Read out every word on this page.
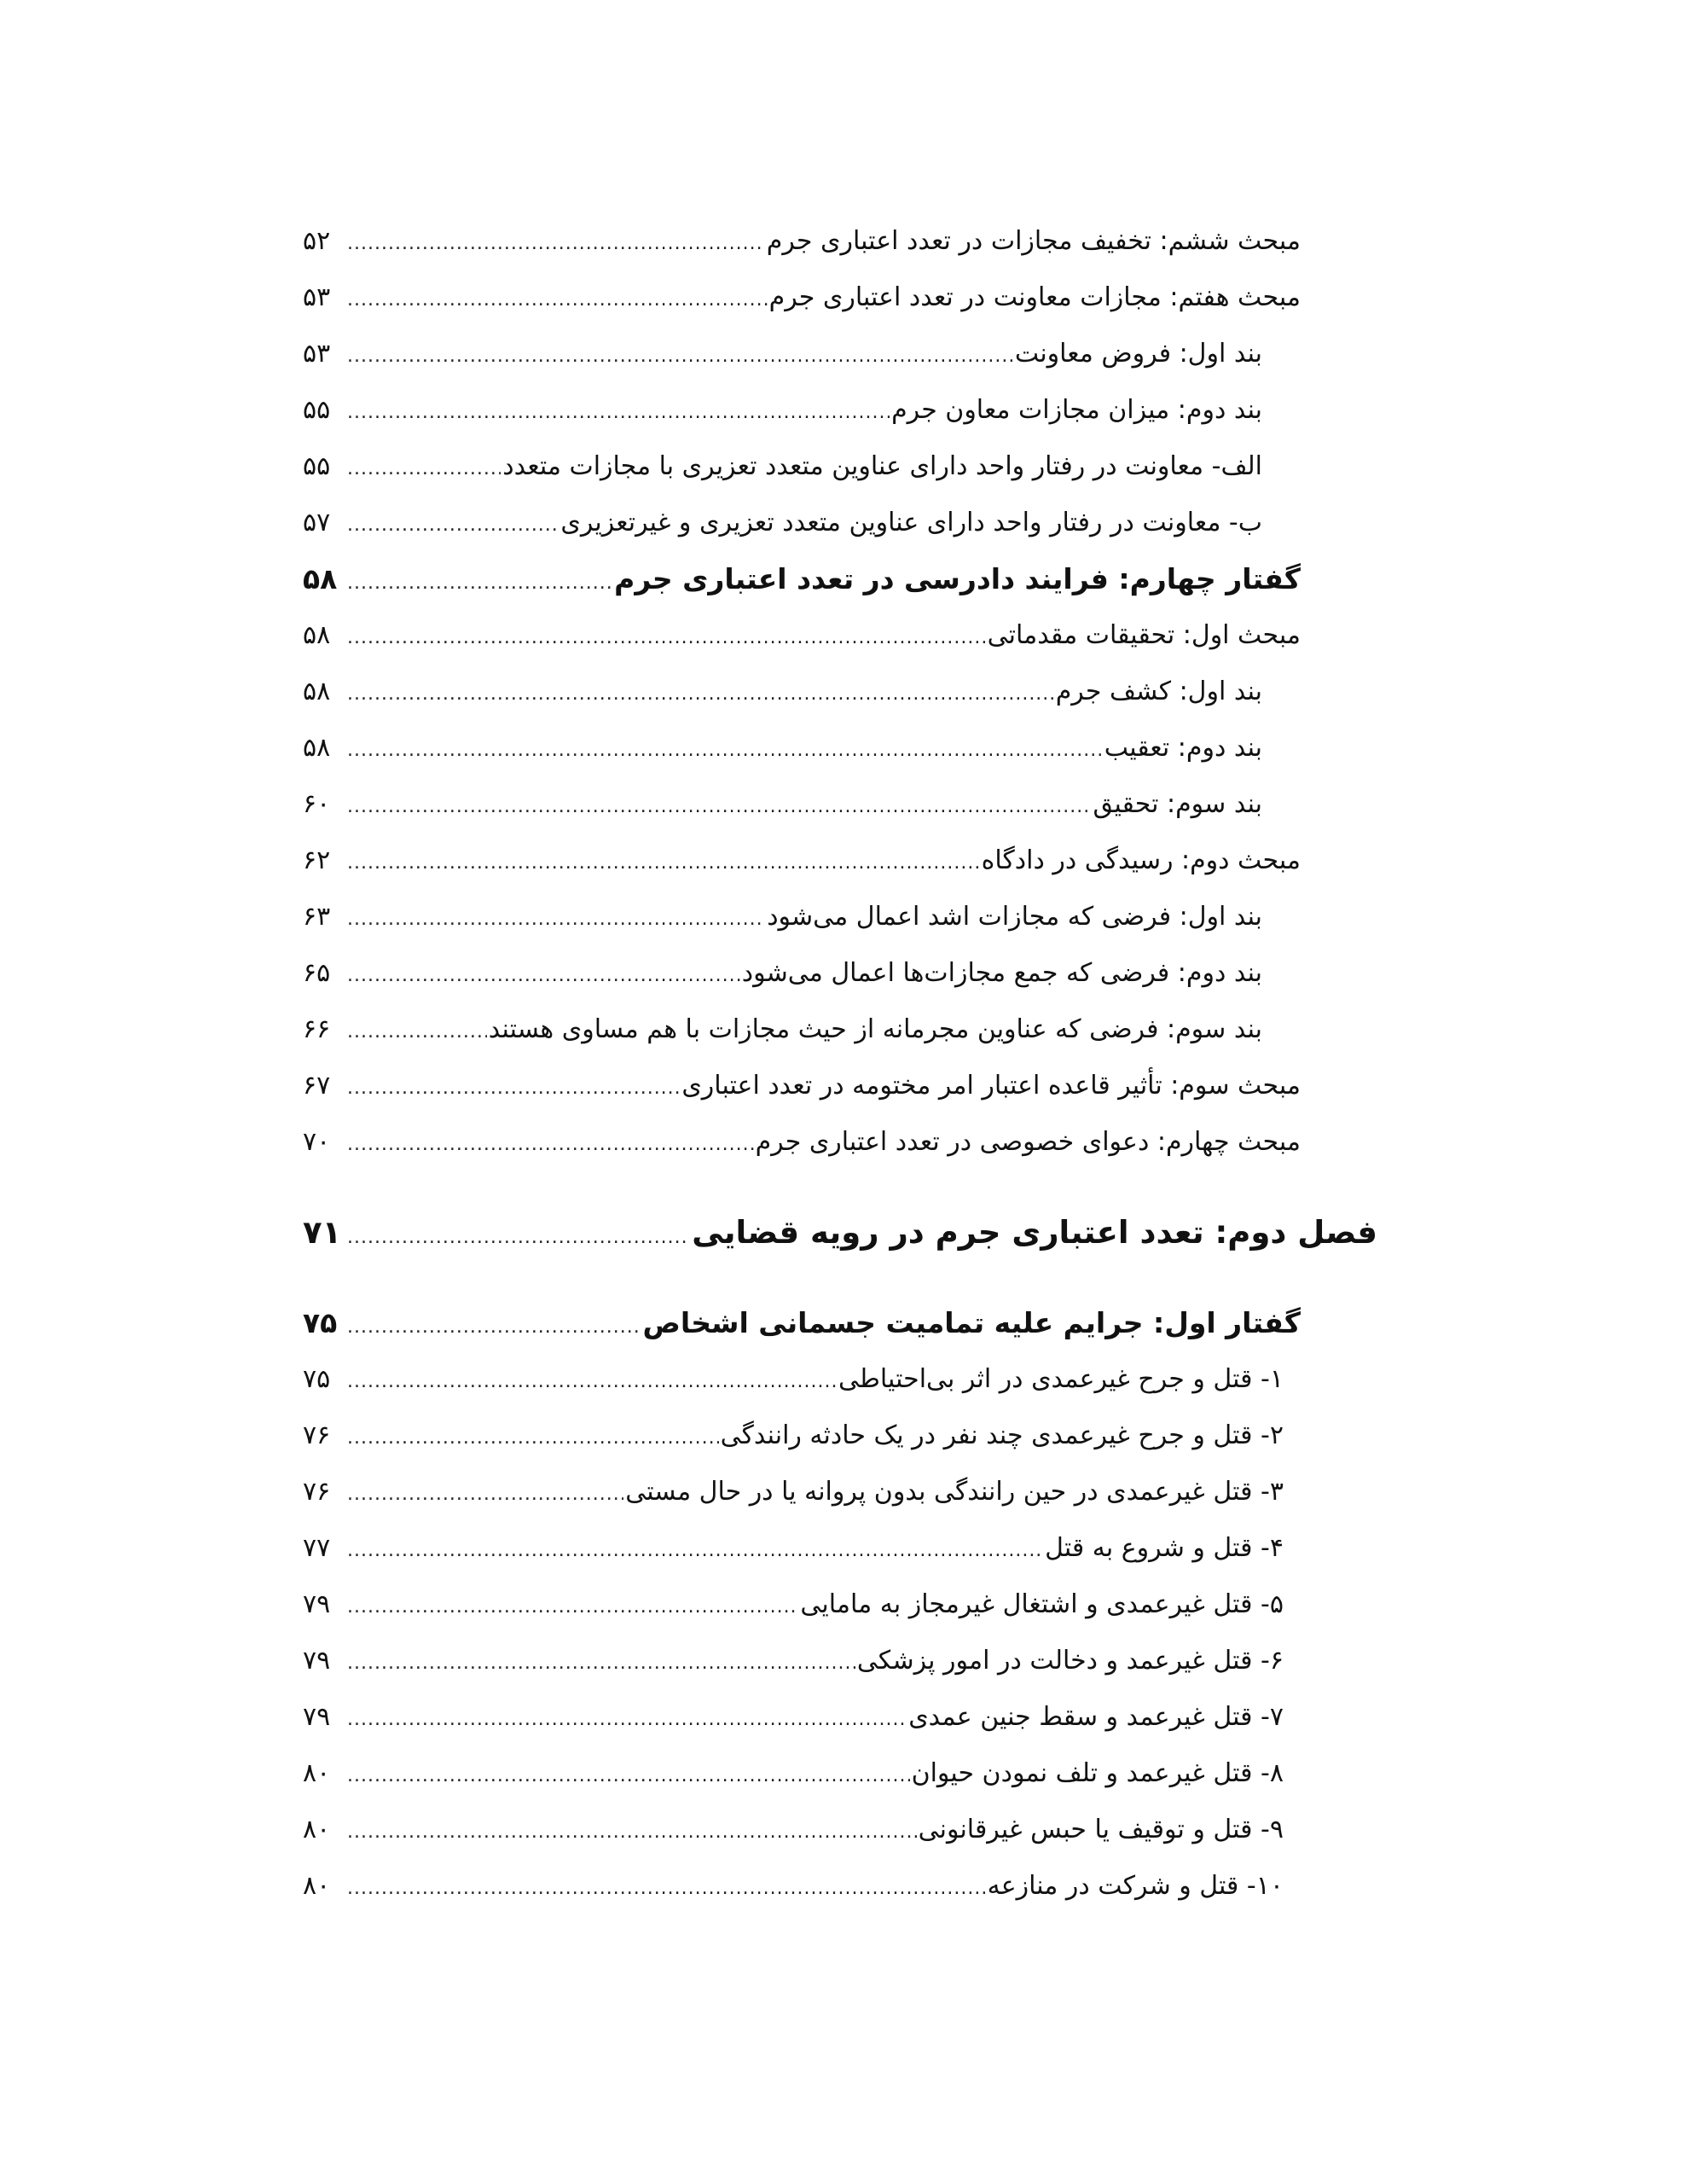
مبحث ششم: تخفیف مجازات در تعدد اعتباری جرم
.....
۵۲
مبحث هفتم: مجازات معاونت در تعدد اعتباری جرم
.....
۵۳
بند اول: فروض معاونت
.....
۵۳
بند دوم: میزان مجازات معاون جرم
.....
۵۵
الف- معاونت در رفتار واحد دارای عناوین متعدد تعزیری با مجازات متعدد
.....
۵۵
ب- معاونت در رفتار واحد دارای عناوین متعدد تعزیری و غیرتعزیری
.....
۵۷
گفتار چهارم: فرایند دادرسی در تعدد اعتباری جرم
.....
۵۸
مبحث اول: تحقیقات مقدماتی
.....
۵۸
بند اول: کشف جرم
.....
۵۸
بند دوم: تعقیب
.....
۵۸
بند سوم: تحقیق
.....
۶۰
مبحث دوم: رسیدگی در دادگاه
.....
۶۲
بند اول: فرضی که مجازات اشد اعمال می‌شود
.....
۶۳
بند دوم: فرضی که جمع مجازات‌ها اعمال می‌شود
.....
۶۵
بند سوم: فرضی که عناوین مجرمانه از حیث مجازات با هم مساوی هستند
.....
۶۶
مبحث سوم: تأثیر قاعده اعتبار امر مختومه در تعدد اعتباری
.....
۶۷
مبحث چهارم: دعوای خصوصی در تعدد اعتباری جرم
.....
۷۰
فصل دوم: تعدد اعتباری جرم در رویه قضایی
.....
۷۱
گفتار اول: جرایم علیه تمامیت جسمانی اشخاص
.....
۷۵
۱- قتل و جرح غیرعمدی در اثر بی‌احتیاطی
.....
۷۵
۲- قتل و جرح غیرعمدی چند نفر در یک حادثه رانندگی
.....
۷۶
۳- قتل غیرعمدی در حین رانندگی بدون پروانه یا در حال مستی
.....
۷۶
۴- قتل و شروع به قتل
.....
۷۷
۵- قتل غیرعمدی و اشتغال غیرمجاز به مامایی
.....
۷۹
۶- قتل غیرعمد و دخالت در امور پزشکی
.....
۷۹
۷- قتل غیرعمد و سقط جنین عمدی
.....
۷۹
۸- قتل غیرعمد و تلف نمودن حیوان
.....
۸۰
۹- قتل و توقیف یا حبس غیرقانونی
.....
۸۰
۱۰- قتل و شرکت در منازعه
.....
۸۰
